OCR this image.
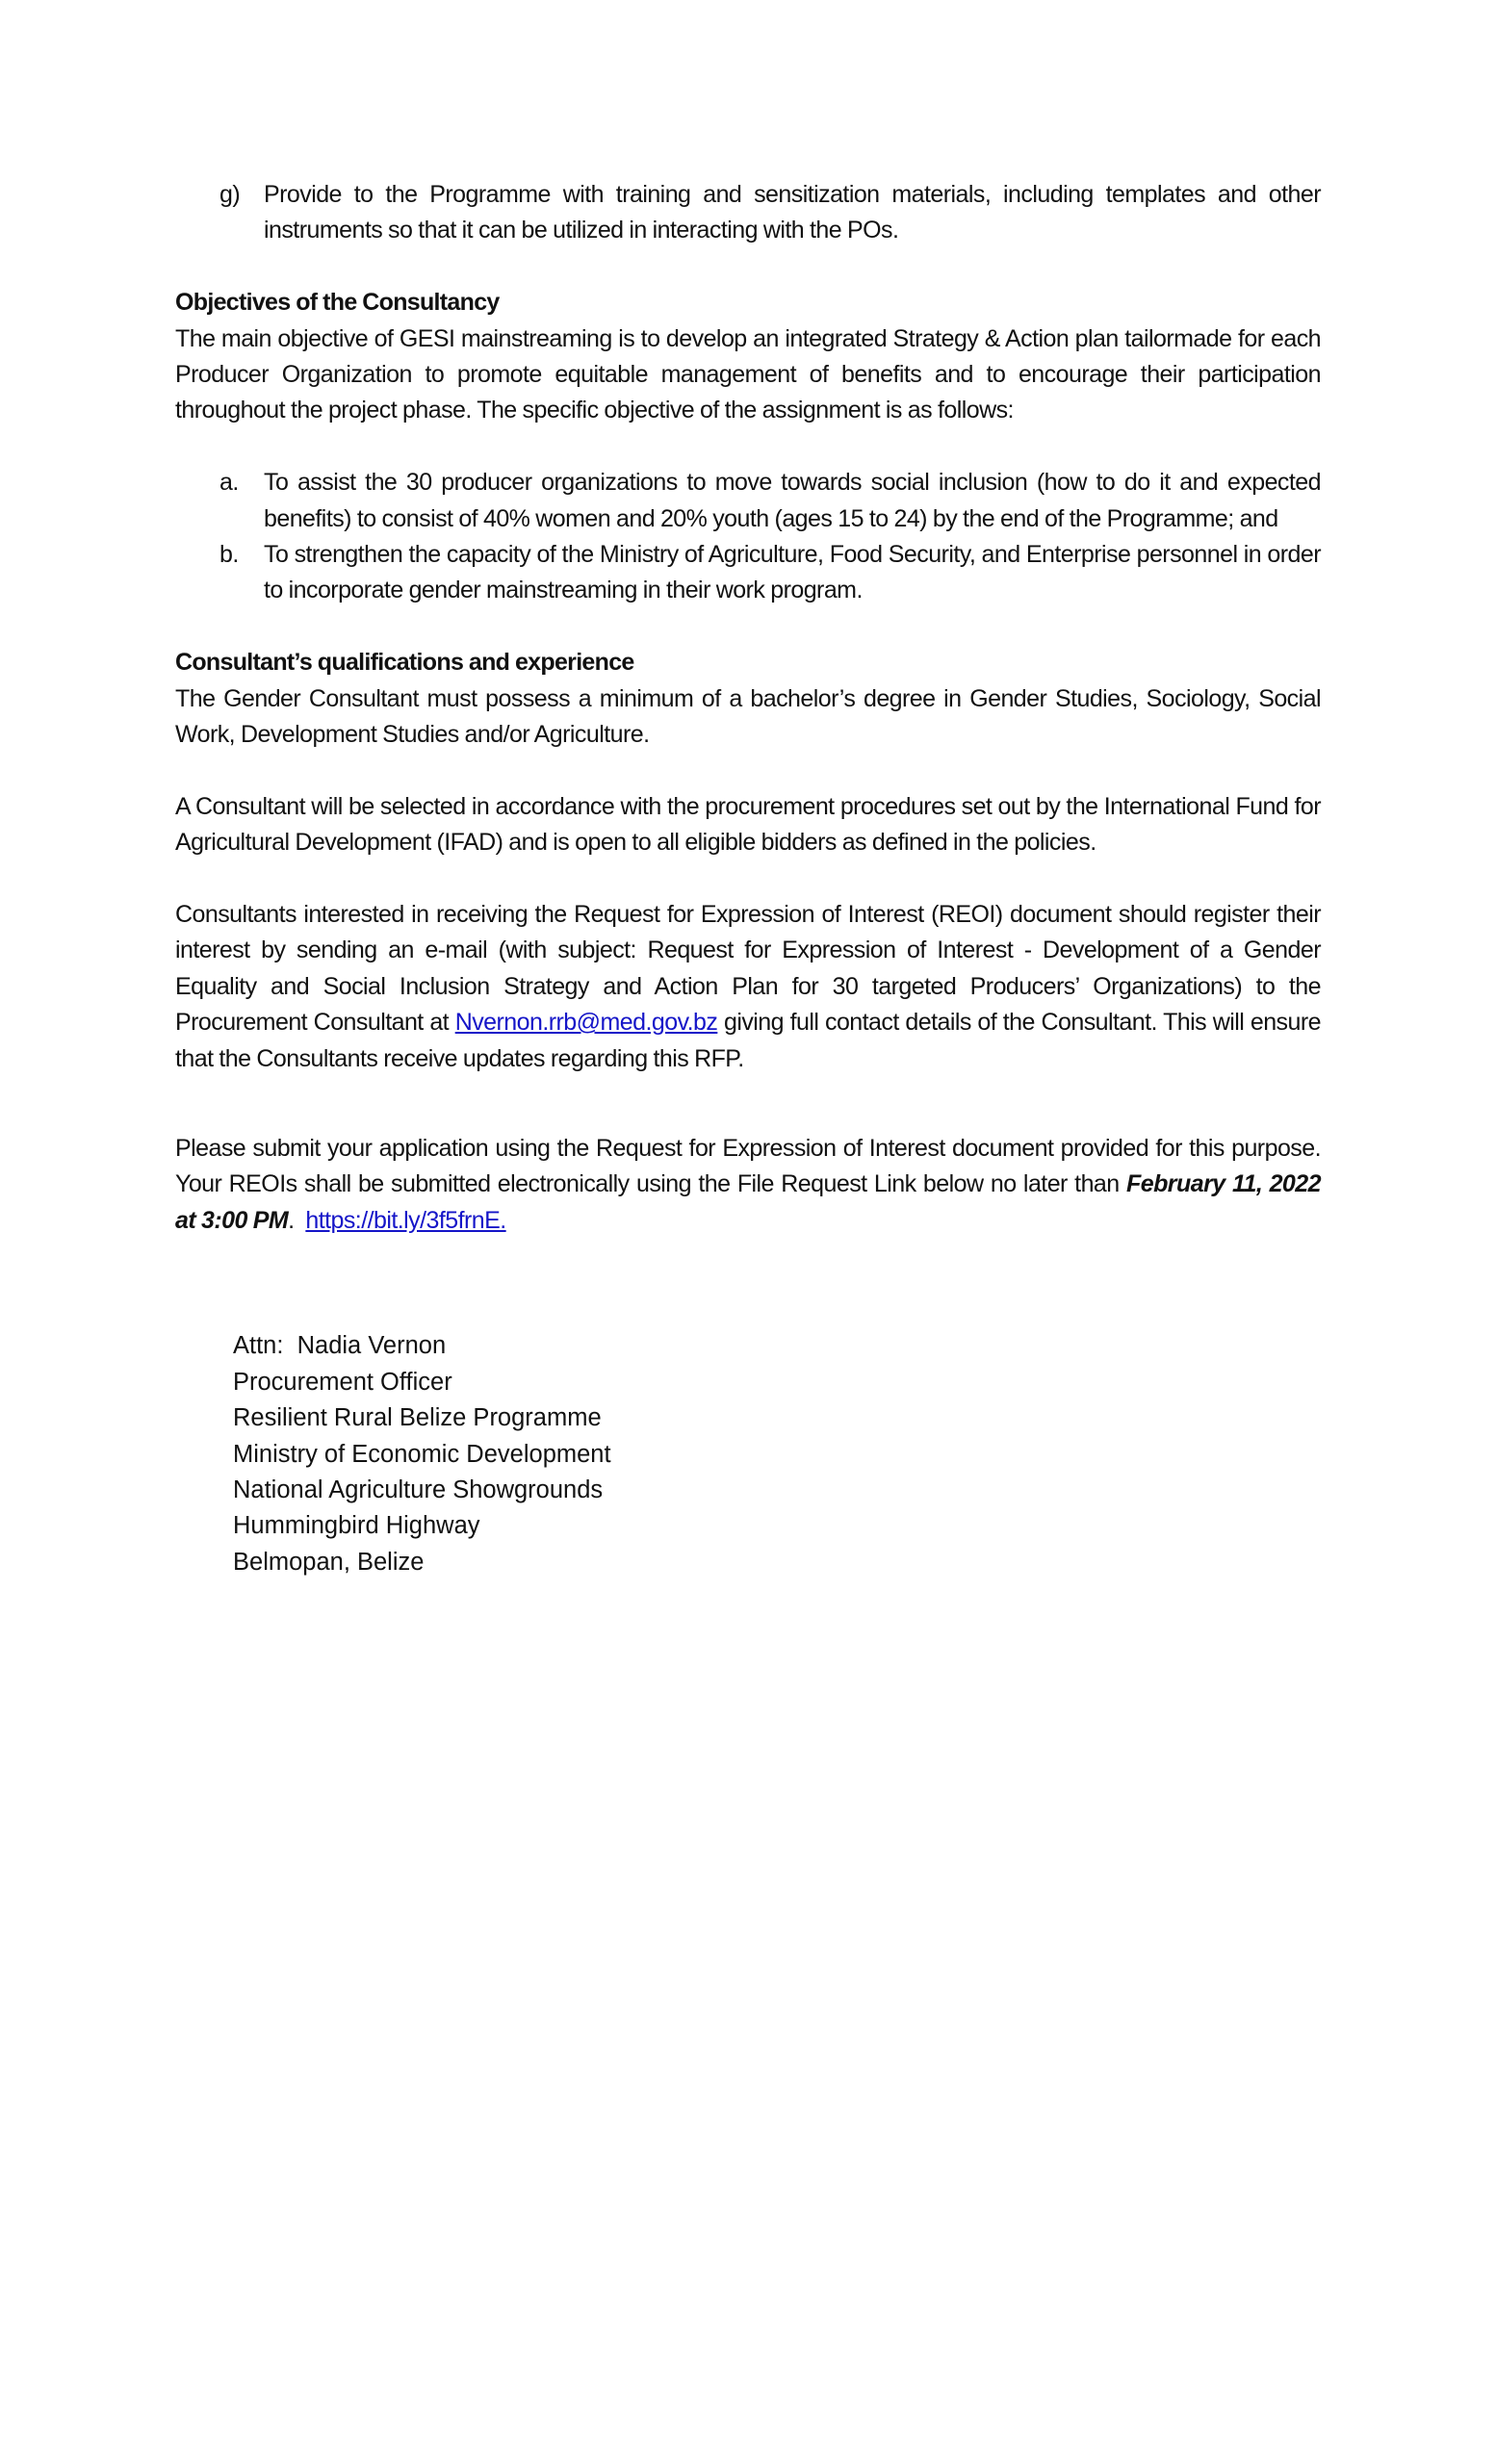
g) Provide to the Programme with training and sensitization materials, including templates and other instruments so that it can be utilized in interacting with the POs.

Objectives of the Consultancy

The main objective of GESI mainstreaming is to develop an integrated Strategy & Action plan tailormade for each Producer Organization to promote equitable management of benefits and to encourage their participation throughout the project phase. The specific objective of the assignment is as follows:

a. To assist the 30 producer organizations to move towards social inclusion (how to do it and expected benefits) to consist of 40% women and 20% youth (ages 15 to 24) by the end of the Programme; and
b. To strengthen the capacity of the Ministry of Agriculture, Food Security, and Enterprise personnel in order to incorporate gender mainstreaming in their work program.

Consultant’s qualifications and experience

The Gender Consultant must possess a minimum of a bachelor’s degree in Gender Studies, Sociology, Social Work, Development Studies and/or Agriculture.

A Consultant will be selected in accordance with the procurement procedures set out by the International Fund for Agricultural Development (IFAD) and is open to all eligible bidders as defined in the policies.

Consultants interested in receiving the Request for Expression of Interest (REOI) document should register their interest by sending an e-mail (with subject: Request for Expression of Interest - Development of a Gender Equality and Social Inclusion Strategy and Action Plan for 30 targeted Producers’ Organizations) to the Procurement Consultant at Nvernon.rrb@med.gov.bz giving full contact details of the Consultant. This will ensure that the Consultants receive updates regarding this RFP.

Please submit your application using the Request for Expression of Interest document provided for this purpose. Your REOIs shall be submitted electronically using the File Request Link below no later than February 11, 2022 at 3:00 PM.  https://bit.ly/3f5frnE.

Attn:  Nadia Vernon

Procurement Officer

Resilient Rural Belize Programme

Ministry of Economic Development

National Agriculture Showgrounds

Hummingbird Highway

Belmopan, Belize
